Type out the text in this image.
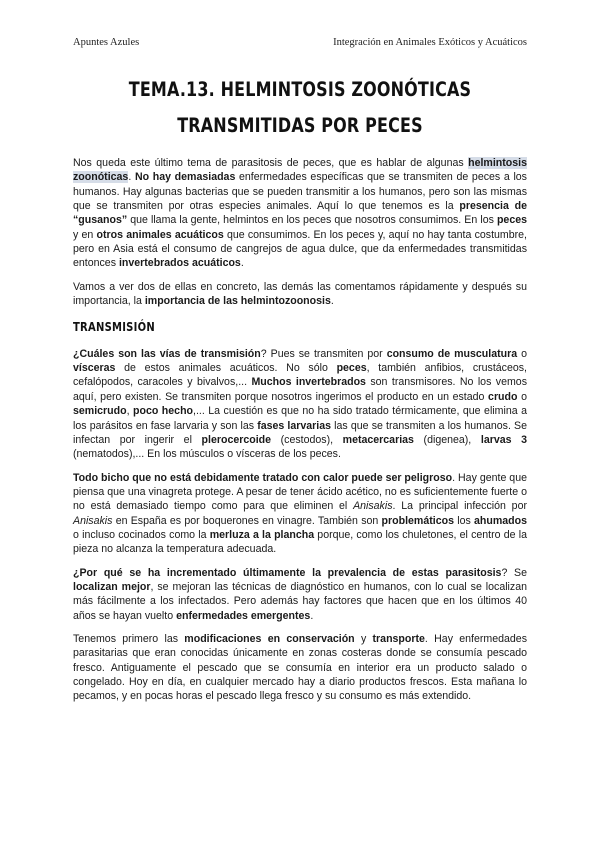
Apuntes Azules	Integración en Animales Exóticos y Acuáticos
TEMA.13. HELMINTOSIS ZOONÓTICAS TRANSMITIDAS POR PECES

Nos queda este último tema de parasitosis de peces, que es hablar de algunas helmintosis zoonóticas. No hay demasiadas enfermedades específicas que se transmiten de peces a los humanos. Hay algunas bacterias que se pueden transmitir a los humanos, pero son las mismas que se transmiten por otras especies animales. Aquí lo que tenemos es la presencia de “gusanos” que llama la gente, helmintos en los peces que nosotros consumimos. En los peces y en otros animales acuáticos que consumimos. En los peces y, aquí no hay tanta costumbre, pero en Asia está el consumo de cangrejos de agua dulce, que da enfermedades transmitidas entonces invertebrados acuáticos.

Vamos a ver dos de ellas en concreto, las demás las comentamos rápidamente y después su importancia, la importancia de las helmintozoonosis.

TRANSMISIÓN

¿Cuáles son las vías de transmisión? Pues se transmiten por consumo de musculatura o vísceras de estos animales acuáticos. No sólo peces, también anfibios, crustáceos, cefalópodos, caracoles y bivalvos,... Muchos invertebrados son transmisores. No los vemos aquí, pero existen. Se transmiten porque nosotros ingerimos el producto en un estado crudo o semicrudo, poco hecho,... La cuestión es que no ha sido tratado térmicamente, que elimina a los parásitos en fase larvaria y son las fases larvarias las que se transmiten a los humanos. Se infectan por ingerir el plerocercoide (cestodos), metacercarias (digenea), larvas 3 (nematodos),... En los músculos o vísceras de los peces.

Todo bicho que no está debidamente tratado con calor puede ser peligroso. Hay gente que piensa que una vinagreta protege. A pesar de tener ácido acético, no es suficientemente fuerte o no está demasiado tiempo como para que eliminen el Anisakis. La principal infección por Anisakis en España es por boquerones en vinagre. También son problemáticos los ahumados o incluso cocinados como la merluza a la plancha porque, como los chuletones, el centro de la pieza no alcanza la temperatura adecuada.

¿Por qué se ha incrementado últimamente la prevalencia de estas parasitosis? Se localizan mejor, se mejoran las técnicas de diagnóstico en humanos, con lo cual se localizan más fácilmente a los infectados. Pero además hay factores que hacen que en los últimos 40 años se hayan vuelto enfermedades emergentes.

Tenemos primero las modificaciones en conservación y transporte. Hay enfermedades parasitarias que eran conocidas únicamente en zonas costeras donde se consumía pescado fresco. Antiguamente el pescado que se consumía en interior era un producto salado o congelado. Hoy en día, en cualquier mercado hay a diario productos frescos. Esta mañana lo pecamos, y en pocas horas el pescado llega fresco y su consumo es más extendido.
